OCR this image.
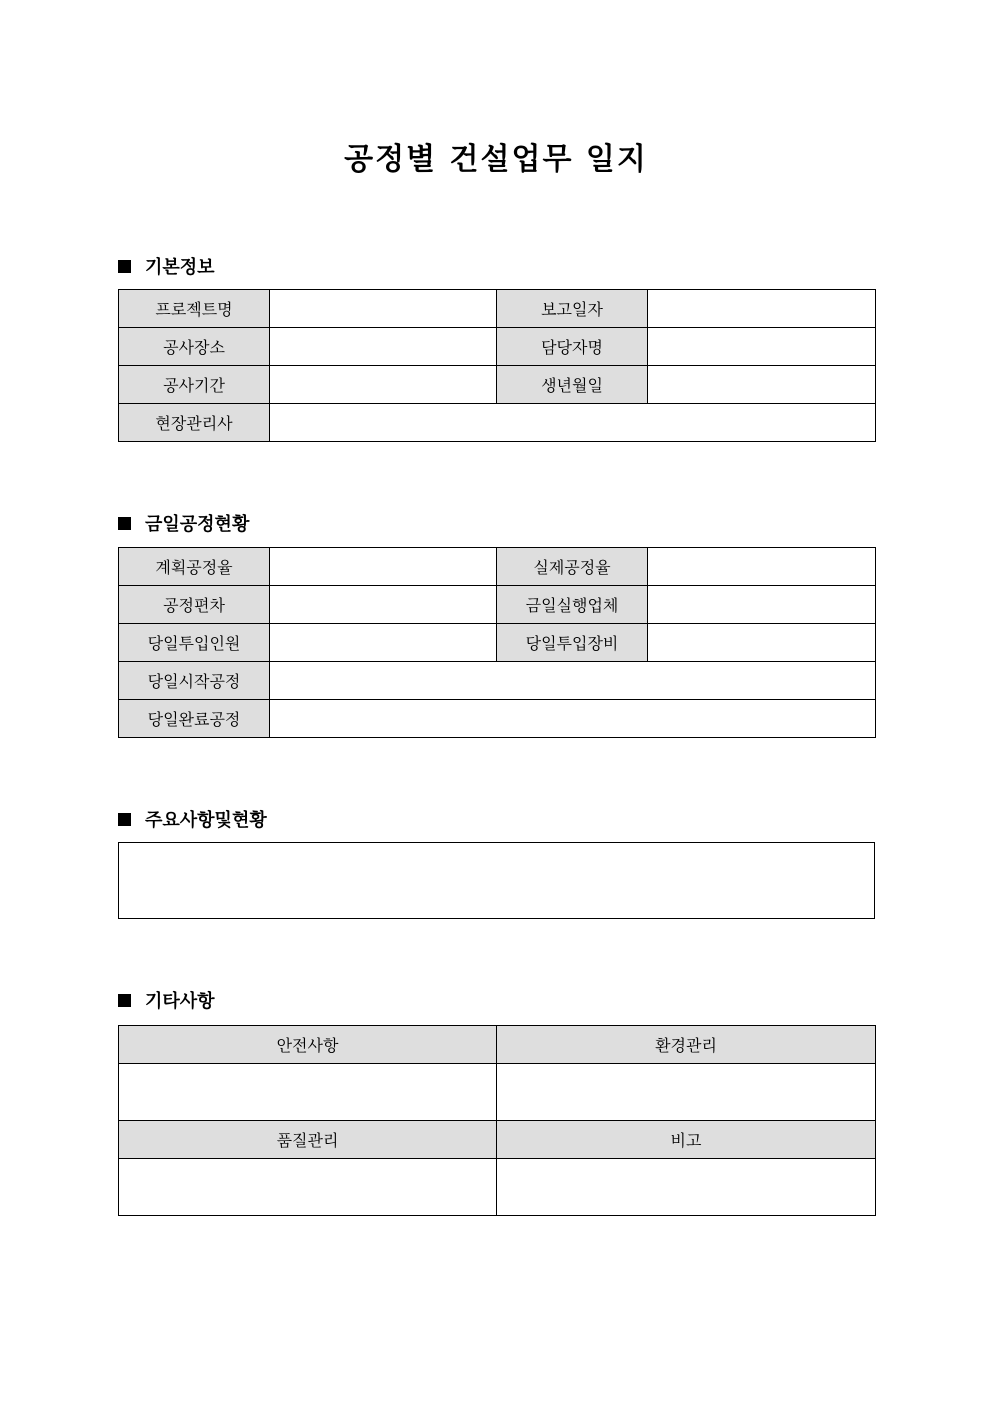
공정별 건설업무 일지
기본정보
프로젝트명		보고일자	
공사장소		담당자명	
공사기간		생년월일	
현장관리사			
금일공정현황
계획공정율		실제공정율	
공정편차		금일실행업체	
당일투입인원		당일투입장비	
당일시작공정			
당일완료공정			
주요사항및현황
기타사항
안전사항	환경관리

품질관리	비고
